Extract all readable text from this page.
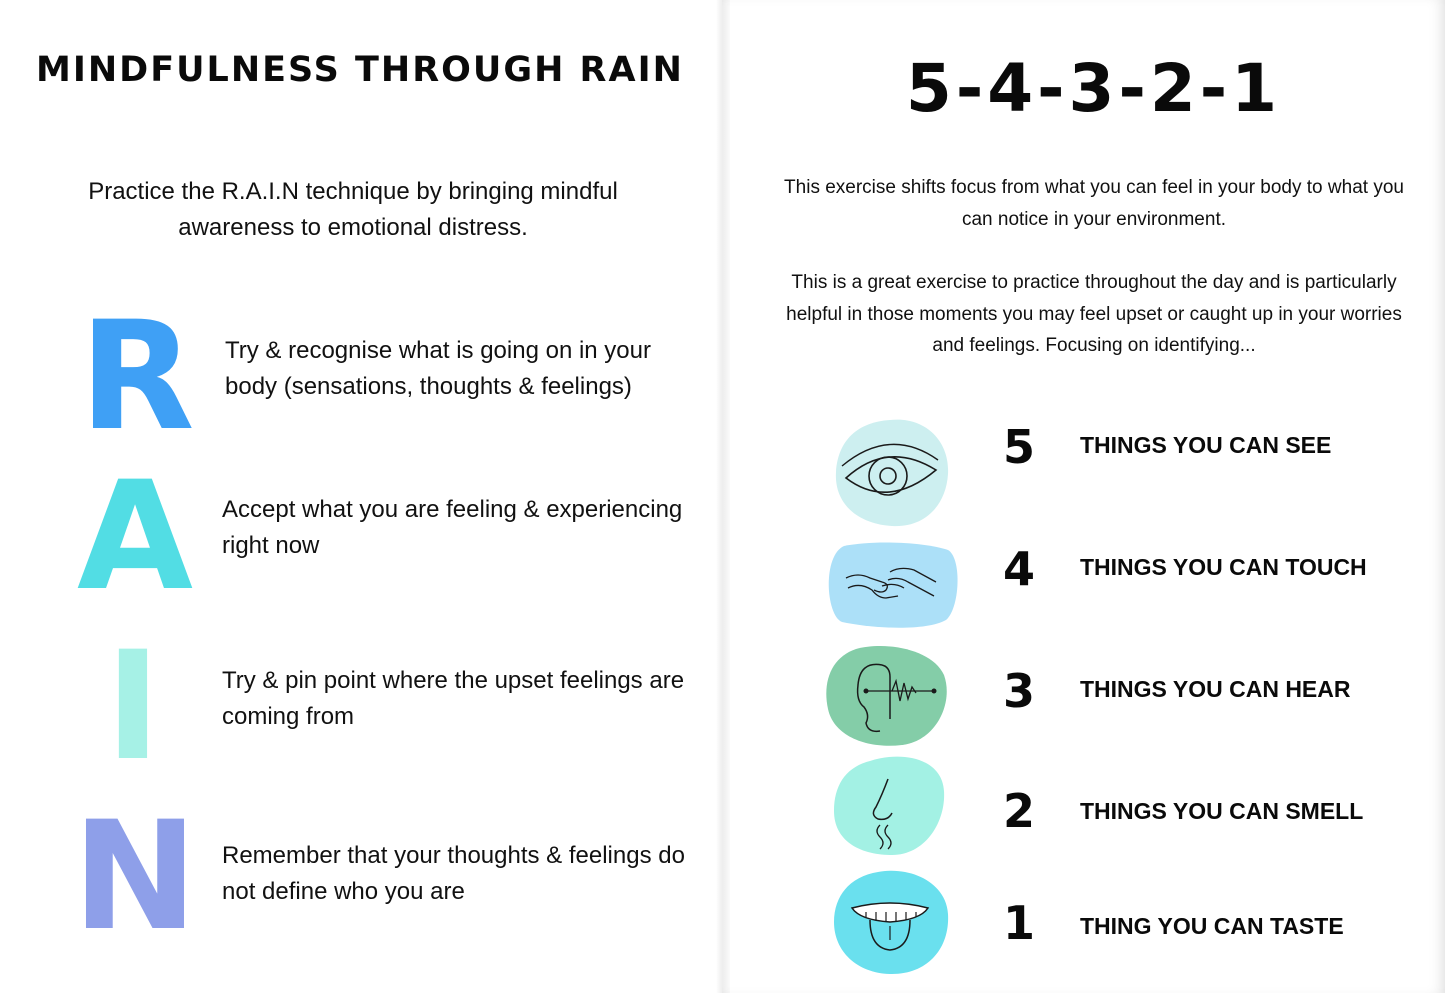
MINDFULNESS THROUGH RAIN
Practice the R.A.I.N technique by bringing mindful awareness to emotional distress.
R	Try & recognise what is going on in your body (sensations, thoughts & feelings)
A Accept what you are feeling & experiencing right now
I	Try & pin point where the upset feelings are coming from
N Remember that your thoughts & feelings do not define who you are
5-4-3-2-1
This exercise shifts focus from what you can feel in your body to what you can notice in your environment.
This is a great exercise to practice throughout the day and is particularly helpful in those moments you may feel upset or caught up in your worries and feelings. Focusing on identifying...
5	THINGS YOU CAN SEE
4	THINGS YOU CAN TOUCH
3	THINGS YOU CAN HEAR
2	THINGS YOU CAN SMELL
1	THING YOU CAN TASTE
